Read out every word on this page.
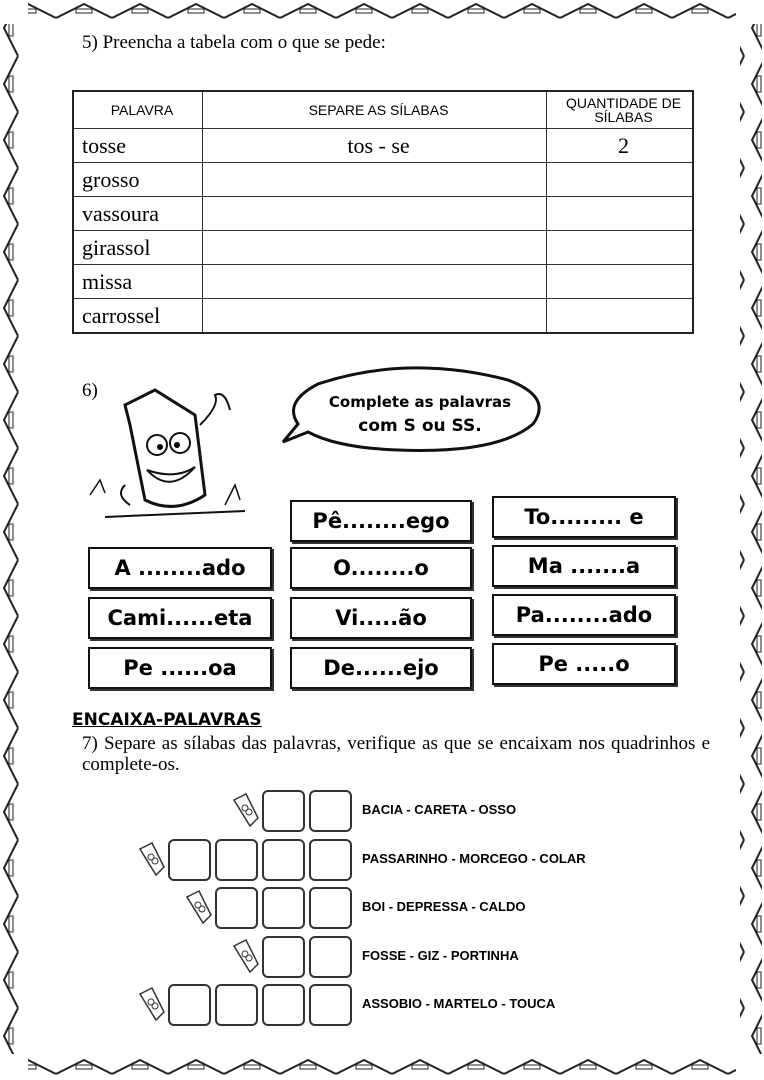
5) Preencha a tabela com o que se pede:
PALAVRA	SEPARE AS SÍLABAS	QUANTIDADE DE SÍLABAS
tosse	tos - se	2
grosso		
vassoura		
girassol		
missa		
carrossel		
6)
Complete as palavras
com S ou SS.
A ........ado
Cami......eta
Pe ......oa
Pê........ego
O........o
Vi.....ão
De......ejo
To......... e
Ma .......a
Pa........ado
Pe .....o
ENCAIXA-PALAVRAS
7) Separe as sílabas das palavras, verifique as que se encaixam nos quadrinhos e complete-os.
BACIA - CARETA - OSSO
PASSARINHO - MORCEGO - COLAR
BOI - DEPRESSA - CALDO
FOSSE - GIZ - PORTINHA
ASSOBIO - MARTELO - TOUCA
